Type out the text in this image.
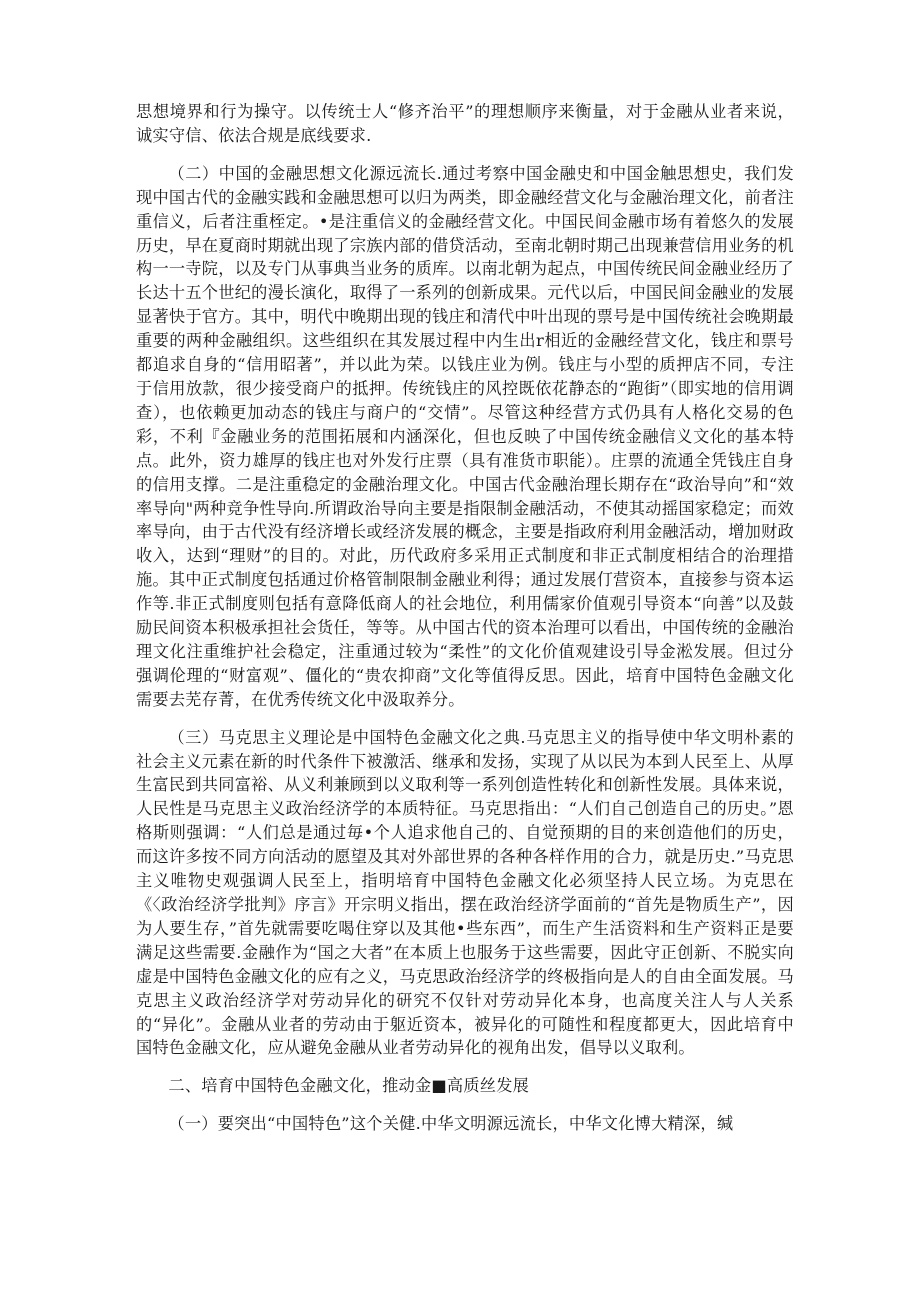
思想境界和行为操守。以传统士人“修齐治平”的理想顺序来衡量，对于金融从业者来说，诚实守信、依法合规是底线要求.

（二）中国的金融思想文化源远流长.通过考察中国金融史和中国金触思想史，我们发现中国古代的金融实践和金融思想可以归为两类，即金融经营文化与金融治理文化，前者注重信义，后者注重桎定。•是注重信义的金融经营文化。中国民间金融市场有着悠久的发展历史，早在夏商时期就出现了宗族内部的借贷活动，至南北朝时期己出现兼营信用业务的机构一一寺院，以及专门从事典当业务的质库。以南北朝为起点，中国传统民间金融业经历了长达十五个世纪的漫长演化，取得了一系列的创新成果。元代以后，中国民间金融业的发展显著快于官方。其中，明代中晚期出现的钱庄和清代中叶出现的票号是中国传统社会晚期最重要的两种金融组织。这些组织在其发展过程中内生出r相近的金融经营文化，钱庄和票号都追求自身的“信用昭著”，并以此为荣。以钱庄业为例。钱庄与小型的质押店不同，专注于信用放款，很少接受商户的抵押。传统钱庄的风控既依花静态的“跑街”（即实地的信用调查），也依赖更加动态的钱庄与商户的“交情”。尽管这种经营方式仍具有人格化交易的色彩，不利『金融业务的范围拓展和内涵深化，但也反映了中国传统金融信义文化的基本特点。此外，资力雄厚的钱庄也对外发行庄票（具有准货市职能）。庄票的流通全凭钱庄自身的信用支撑。二是注重稳定的金融治理文化。中国古代金融治理长期存在“政治导向”和“效率导向"两种竞争性导向.所谓政治导向主要是指限制金融活动，不使其动摇国家稳定；而效率导向，由于古代没有经济增长或经济发展的概念，主要是指政府利用金融活动，增加财政收入，达到“理财”的目的。对此，历代政府多采用正式制度和非正式制度相结合的治理措施。其中正式制度包括通过价格管制限制金融业利得；通过发展仃营资本，直接参与资本运作等.非正式制度则包括有意降低商人的社会地位，利用儒家价值观引导资本“向善”以及鼓励民间资本积极承担社会货任，等等。从中国古代的资本治理可以看出，中国传统的金融治理文化注重维护社会稳定，注重通过较为“柔性”的文化价值观建设引导金淞发展。但过分强调伦理的“财富观”、僵化的“贵农抑商”文化等值得反思。因此，培育中国特色金融文化需要去芜存菁，在优秀传统文化中汲取养分。

（三）马克思主义理论是中国特色金融文化之典.马克思主义的指导使中华文明朴素的社会主义元素在新的时代条件下被激活、继承和发扬，实现了从以民为本到人民至上、从厚生富民到共同富裕、从义利兼顾到以义取利等一系列创造性转化和创新性发展。具体来说，人民性是马克思主义政治经济学的本质特征。马克思指出：“人们自己创造自己的历史。”恩格斯则强调：“人们总是通过毎•个人追求他自己的、自觉预期的目的来创造他们的历史，而这许多按不同方向活动的愿望及其对外部世界的各种各样作用的合力，就是历史.”马克思主义唯物史观强调人民至上，指明培育中国特色金融文化必须坚持人民立场。为克思在《〈政治经济学批判》序言》开宗明义指出，摆在政治经济学面前的“首先是物质生产”，因为人要生存，”首先就需要吃喝住穿以及其他•些东西”，而生产生活资料和生产资料正是要满足这些需要.金融作为“国之大者”在本质上也服务于这些需要，因此守正创新、不脱实向虚是中国特色金融文化的应有之义，马克思政治经济学的终极指向是人的自由全面发展。马克思主义政治经济学对劳动异化的研究不仅针对劳动异化本身，也高度关注人与人关系的“异化”。金融从业者的劳动由于躯近资本，被异化的可随性和程度都更大，因此培育中国特色金融文化，应从避免金融从业者劳动异化的视角出发，倡导以义取利。

二、培育中国特色金融文化，推动金■高质丝发展

（一）要突出“中国特色”这个关健.中华文明源远流长，中华文化博大精深，缄
